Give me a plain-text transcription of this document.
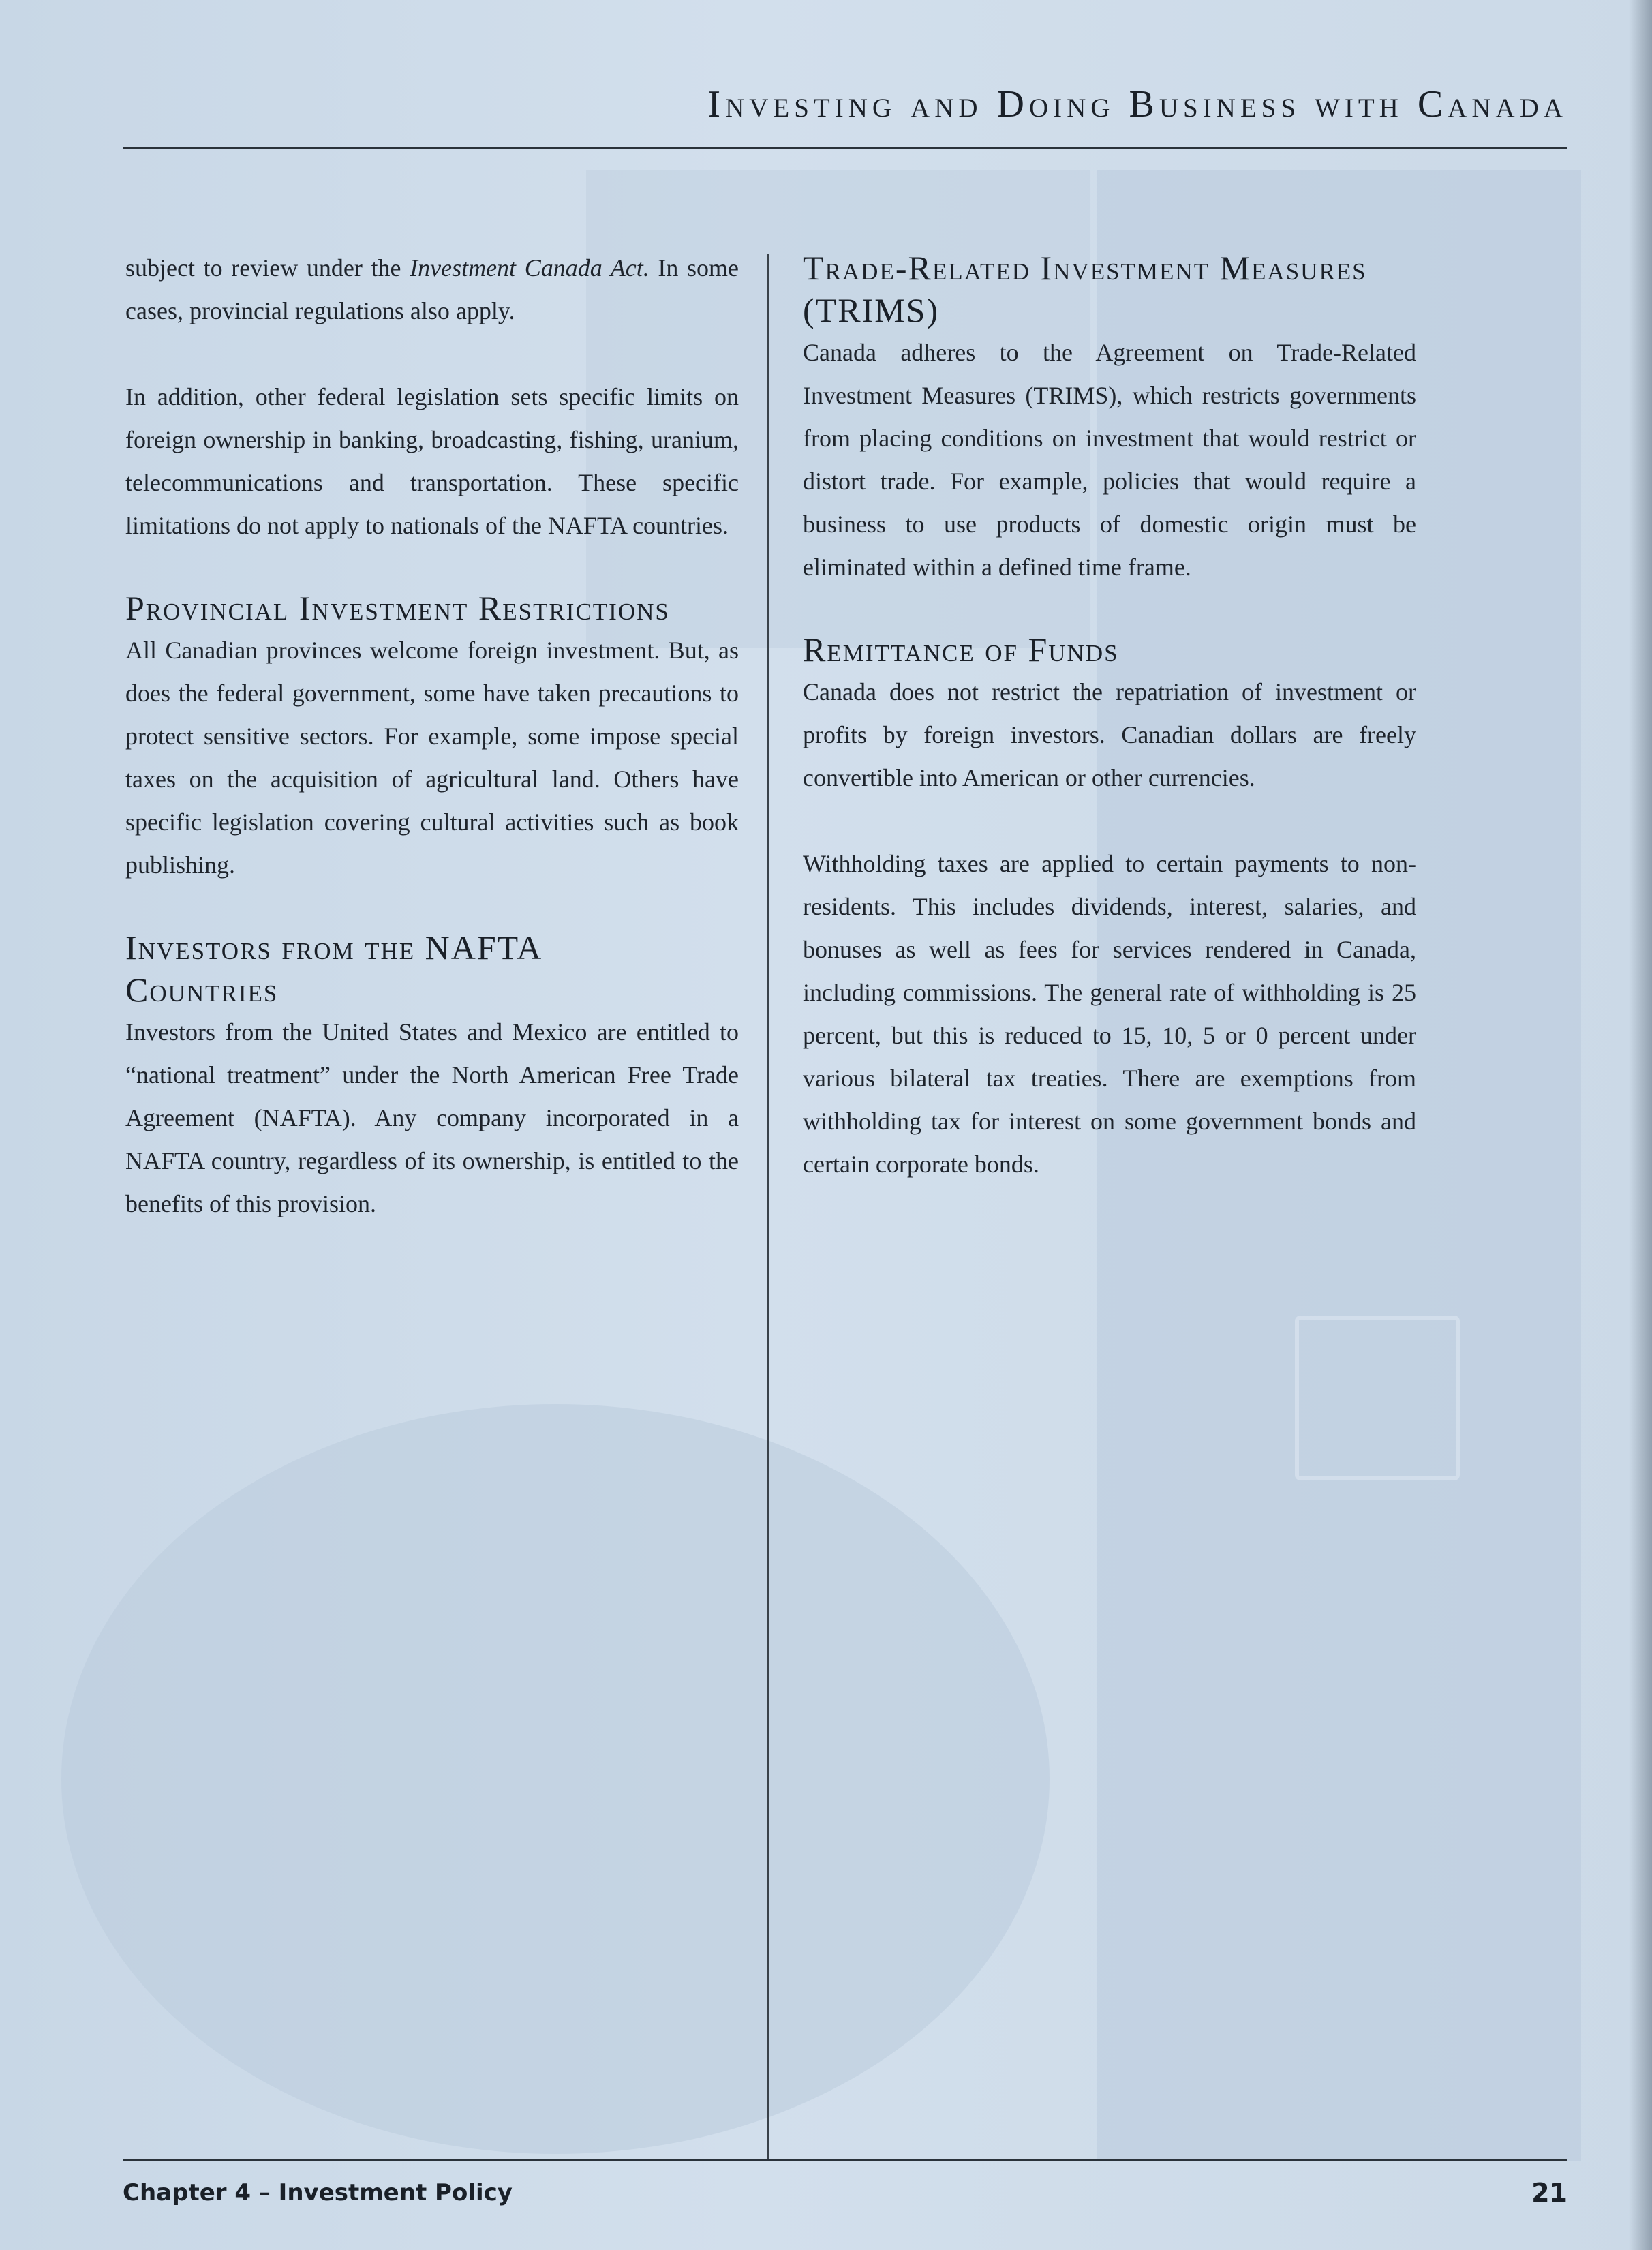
Investing and Doing Business with Canada

subject to review under the Investment Canada Act. In some cases, provincial regulations also apply.

In addition, other federal legislation sets specific limits on foreign ownership in banking, broadcasting, fishing, uranium, telecommunications and transportation. These specific limitations do not apply to nationals of the NAFTA countries.

Provincial Investment Restrictions

All Canadian provinces welcome foreign investment. But, as does the federal government, some have taken precautions to protect sensitive sectors. For example, some impose special taxes on the acquisition of agricultural land. Others have specific legislation covering cultural activities such as book publishing.

Investors from the NAFTA Countries

Investors from the United States and Mexico are entitled to “national treatment” under the North American Free Trade Agreement (NAFTA). Any company incorporated in a NAFTA country, regardless of its ownership, is entitled to the benefits of this provision.

Trade-Related Investment Measures (TRIMS)

Canada adheres to the Agreement on Trade-Related Investment Measures (TRIMS), which restricts governments from placing conditions on investment that would restrict or distort trade. For example, policies that would require a business to use products of domestic origin must be eliminated within a defined time frame.

Remittance of Funds

Canada does not restrict the repatriation of investment or profits by foreign investors. Canadian dollars are freely convertible into American or other currencies.

Withholding taxes are applied to certain payments to non-residents. This includes dividends, interest, salaries, and bonuses as well as fees for services rendered in Canada, including commissions. The general rate of withholding is 25 percent, but this is reduced to 15, 10, 5 or 0 percent under various bilateral tax treaties. There are exemptions from withholding tax for interest on some government bonds and certain corporate bonds.

Chapter 4 – Investment Policy	21
